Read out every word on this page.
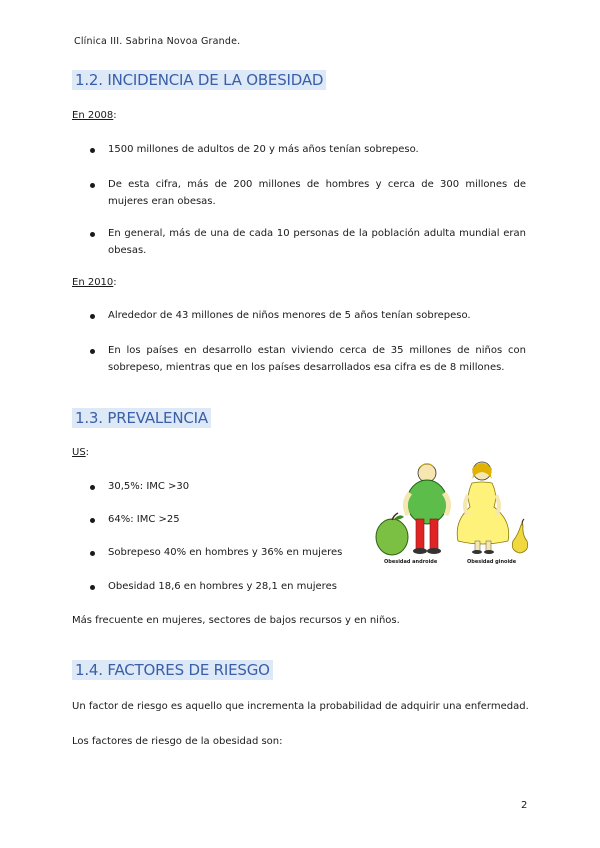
Clínica III. Sabrina Novoa Grande.
1.2. INCIDENCIA DE LA OBESIDAD
En 2008:
1500 millones de adultos de 20 y más años tenían sobrepeso.
De esta cifra, más de 200 millones de hombres y cerca de 300 millones de mujeres eran obesas.
En general, más de una de cada 10 personas de la población adulta mundial eran obesas.
En 2010:
Alrededor de 43 millones de niños menores de 5 años tenían sobrepeso.
En los países en desarrollo estan viviendo cerca de 35 millones de niños con sobrepeso, mientras que en los países desarrollados esa cifra es de 8 millones.
1.3. PREVALENCIA
US:
30,5%: IMC >30
64%: IMC >25
Sobrepeso 40% en hombres y 36% en mujeres
Obesidad 18,6 en hombres y 28,1 en mujeres
Más frecuente en mujeres, sectores de bajos recursos y en niños.
Obesidad androide	Obesidad ginoide
1.4. FACTORES DE RIESGO
Un factor de riesgo es aquello que incrementa la probabilidad de adquirir una enfermedad.
Los factores de riesgo de la obesidad son:
2
